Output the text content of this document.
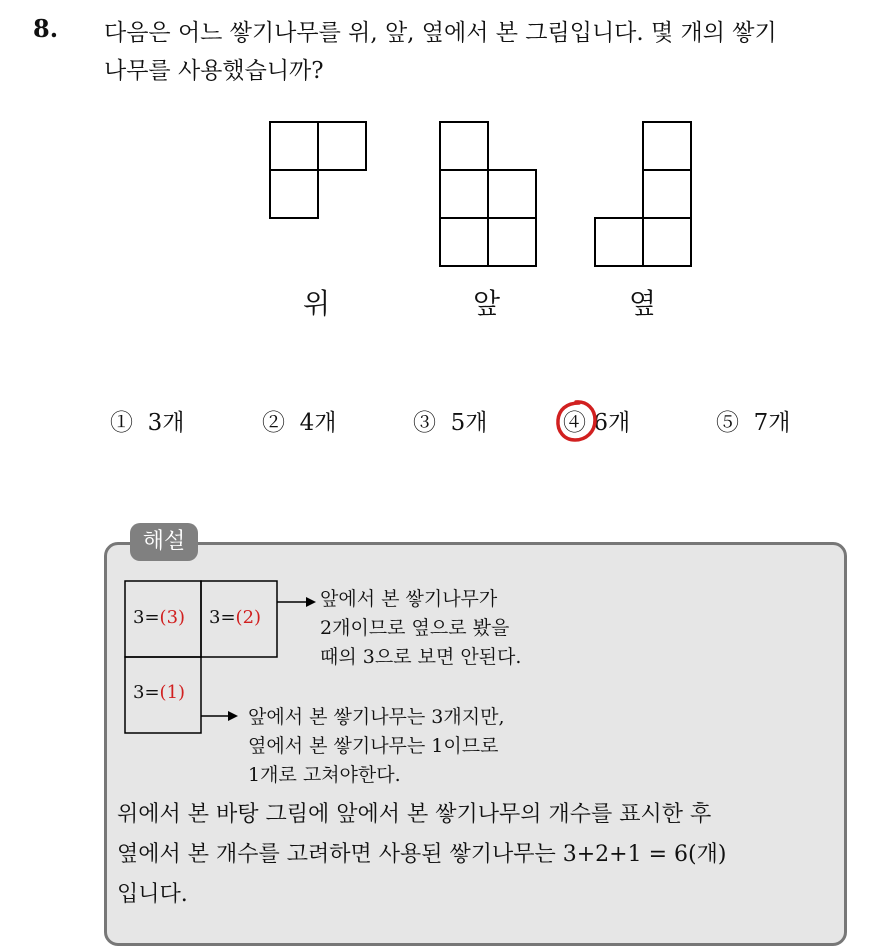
8. 다음은 어느 쌓기나무를 위, 앞, 옆에서 본 그림입니다. 몇 개의 쌓기
나무를 사용했습니까?

위	앞	옆
① 3개	② 4개	③ 5개	④ 6개	⑤ 7개
해설
3=(3) 3=(2)
3=(1)

앞에서 본 쌓기나무가
2개이므로 옆으로 봤을
때의 3으로 보면 안된다.

앞에서 본 쌓기나무는 3개지만,
옆에서 본 쌓기나무는 1이므로
1개로 고쳐야한다.

위에서 본 바탕 그림에 앞에서 본 쌓기나무의 개수를 표시한 후
옆에서 본 개수를 고려하면 사용된 쌓기나무는 3+2+1 = 6(개)
입니다.
